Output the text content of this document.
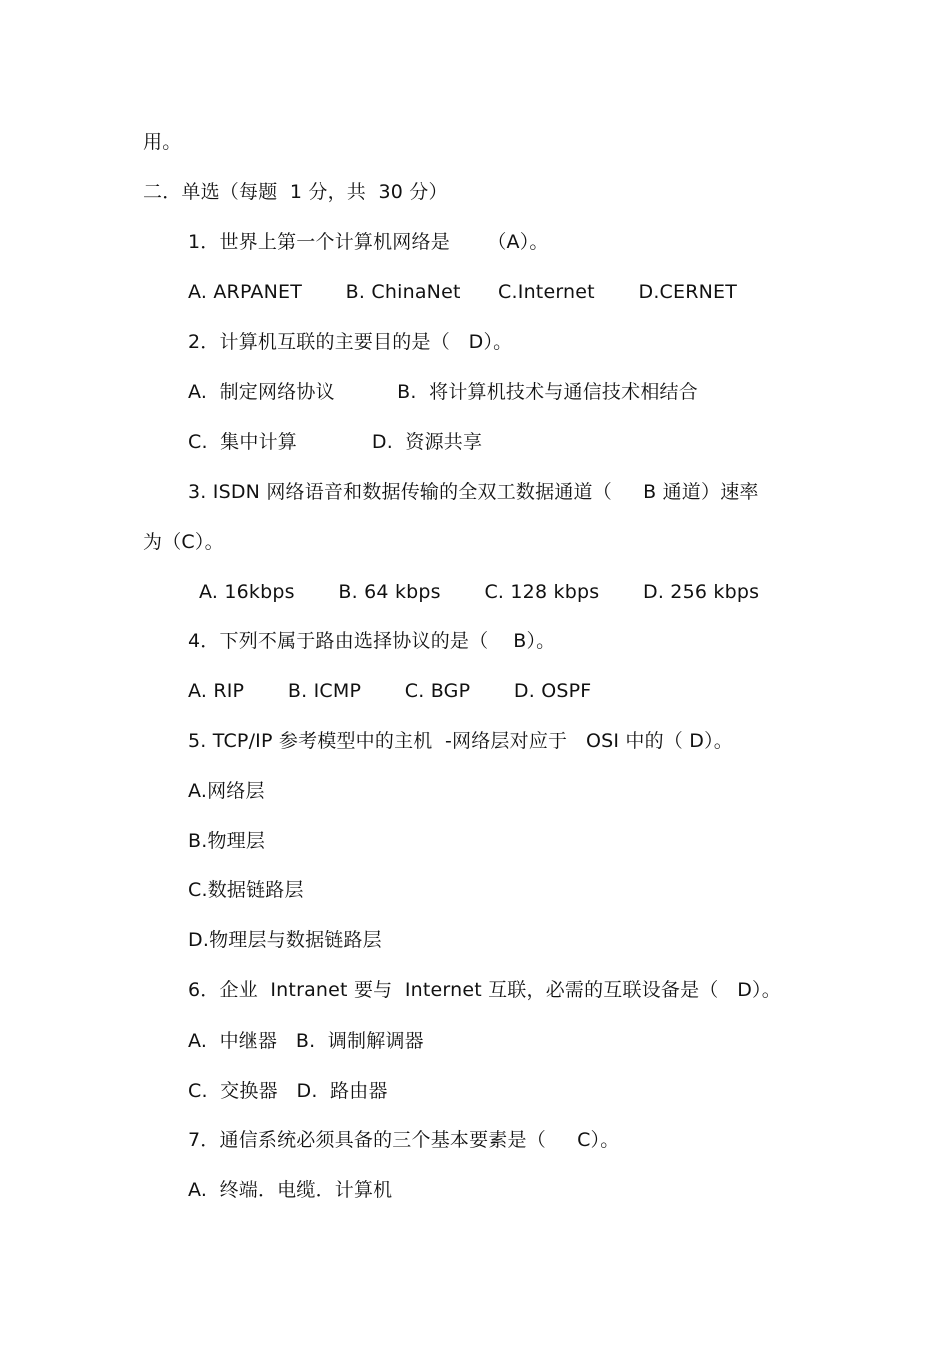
用。
二．单选（每题  1 分，共  30 分）
1．世界上第一个计算机网络是      （A）。
A. ARPANET       B. ChinaNet      C.Internet       D.CERNET
2．计算机互联的主要目的是（   D）。
A.  制定网络协议          B.  将计算机技术与通信技术相结合
C.  集中计算            D.  资源共享
3. ISDN 网络语音和数据传输的全双工数据通道（     B 通道）速率
为（C）。
A. 16kbps       B. 64 kbps       C. 128 kbps       D. 256 kbps
4．下列不属于路由选择协议的是（    B）。
A. RIP       B. ICMP       C. BGP       D. OSPF
5. TCP/IP 参考模型中的主机  -网络层对应于   OSI 中的（ D）。
A.网络层
B.物理层
C.数据链路层
D.物理层与数据链路层
6．企业  Intranet 要与  Internet 互联，必需的互联设备是（   D）。
A.  中继器   B.  调制解调器
C.  交换器   D.  路由器
7．通信系统必须具备的三个基本要素是（     C）。
A.  终端．电缆．计算机
